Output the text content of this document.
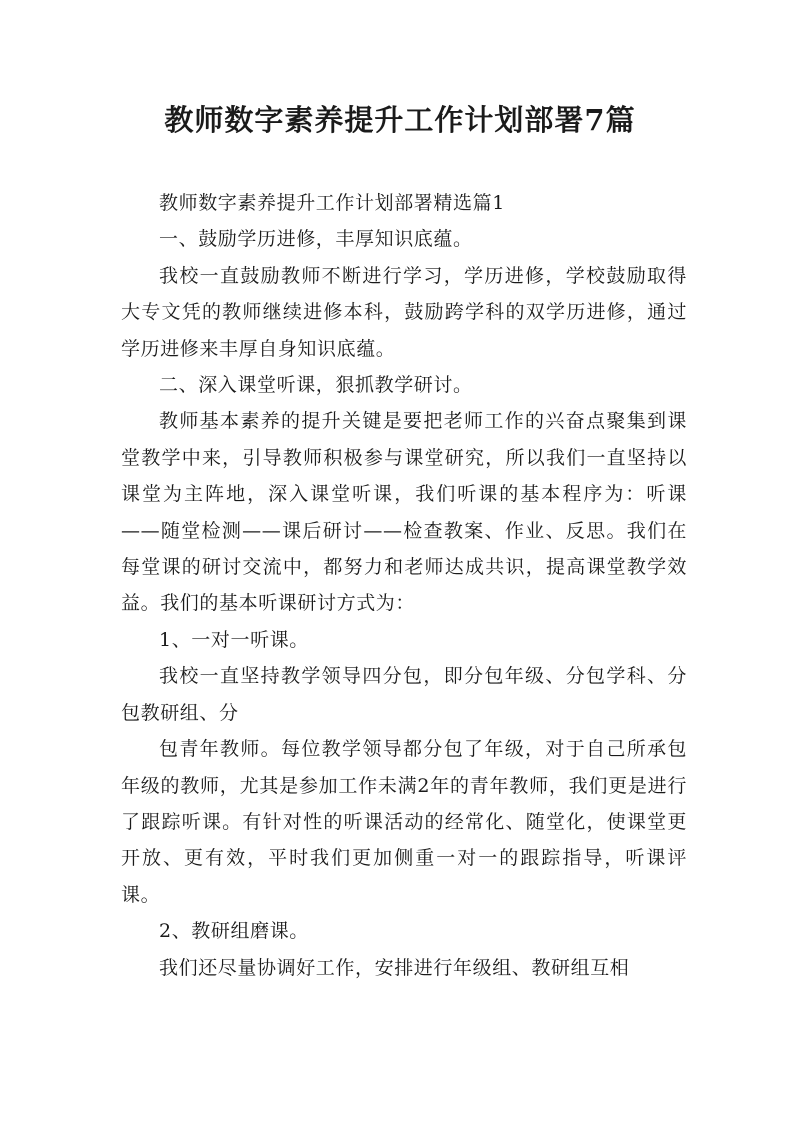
教师数字素养提升工作计划部署7篇

教师数字素养提升工作计划部署精选篇1

一、鼓励学历进修，丰厚知识底蕴。

我校一直鼓励教师不断进行学习，学历进修，学校鼓励取得大专文凭的教师继续进修本科，鼓励跨学科的双学历进修，通过学历进修来丰厚自身知识底蕴。

二、深入课堂听课，狠抓教学研讨。

教师基本素养的提升关键是要把老师工作的兴奋点聚集到课堂教学中来，引导教师积极参与课堂研究，所以我们一直坚持以课堂为主阵地，深入课堂听课，我们听课的基本程序为：听课——随堂检测——课后研讨——检查教案、作业、反思。我们在每堂课的研讨交流中，都努力和老师达成共识，提高课堂教学效益。我们的基本听课研讨方式为：

1、一对一听课。

我校一直坚持教学领导四分包，即分包年级、分包学科、分包教研组、分

包青年教师。每位教学领导都分包了年级，对于自己所承包年级的教师，尤其是参加工作未满2年的青年教师，我们更是进行了跟踪听课。有针对性的听课活动的经常化、随堂化，使课堂更开放、更有效，平时我们更加侧重一对一的跟踪指导，听课评课。

2、教研组磨课。

我们还尽量协调好工作，安排进行年级组、教研组互相
